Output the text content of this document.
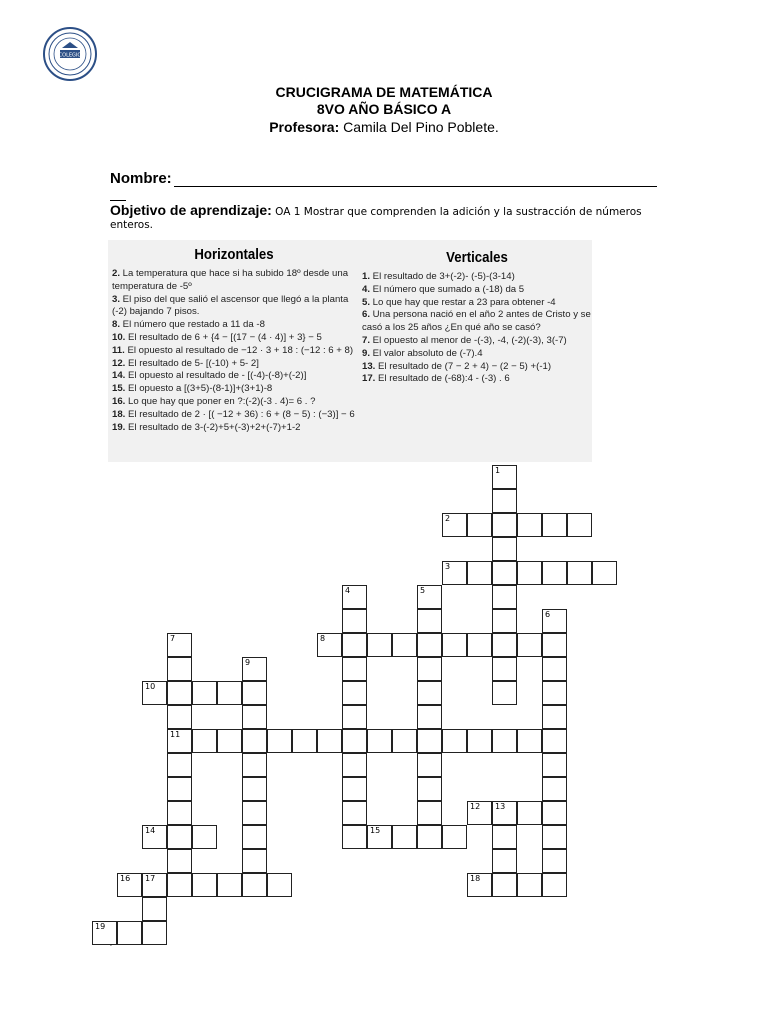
COLEGIO
CRUCIGRAMA DE MATEMÁTICA
8VO AÑO BÁSICO A
Profesora: Camila Del Pino Poblete.
Nombre:
Objetivo de aprendizaje: OA 1 Mostrar que comprenden la adición y la sustracción de números enteros.
Horizontales
2. La temperatura que hace si ha subido 18º desde una temperatura de -5º
3. El piso del que salió el ascensor que llegó a la planta (-2) bajando 7 pisos.
8. El número que restado a 11 da -8
10. El resultado de 6 + {4 − [(17 − (4 · 4)] + 3} − 5
11. El opuesto al resultado de −12 · 3 + 18 : (−12 : 6 + 8)
12. El resultado de 5- [(-10) + 5- 2]
14. El opuesto al resultado de - [(-4)-(-8)+(-2)]
15. El opuesto a [(3+5)-(8-1)]+(3+1)-8
16. Lo que hay que poner en ?:(-2)(-3 . 4)= 6 . ?
18. El resultado de 2 · [( −12 + 36) : 6 + (8 − 5) : (−3)] − 6
19. El resultado de 3-(-2)+5+(-3)+2+(-7)+1-2
Verticales
1. El resultado de 3+(-2)- (-5)-(3-14)
4. El número que sumado a (-18) da 5
5. Lo que hay que restar a 23 para obtener -4
6. Una persona nació en el año 2 antes de Cristo y se casó a los 25 años ¿En qué año se casó?
7. El opuesto al menor de -(-3), -4, (-2)(-3), 3(-7)
9. El valor absoluto de (-7).4
13. El resultado de (7 − 2 + 4) − (2 − 5) +(-1)
17. El resultado de (-68):4 - (-3) . 6
1
2
3
4	5
6
7
11
8
9
10
12 13
14	15
16 17	18
19
´
